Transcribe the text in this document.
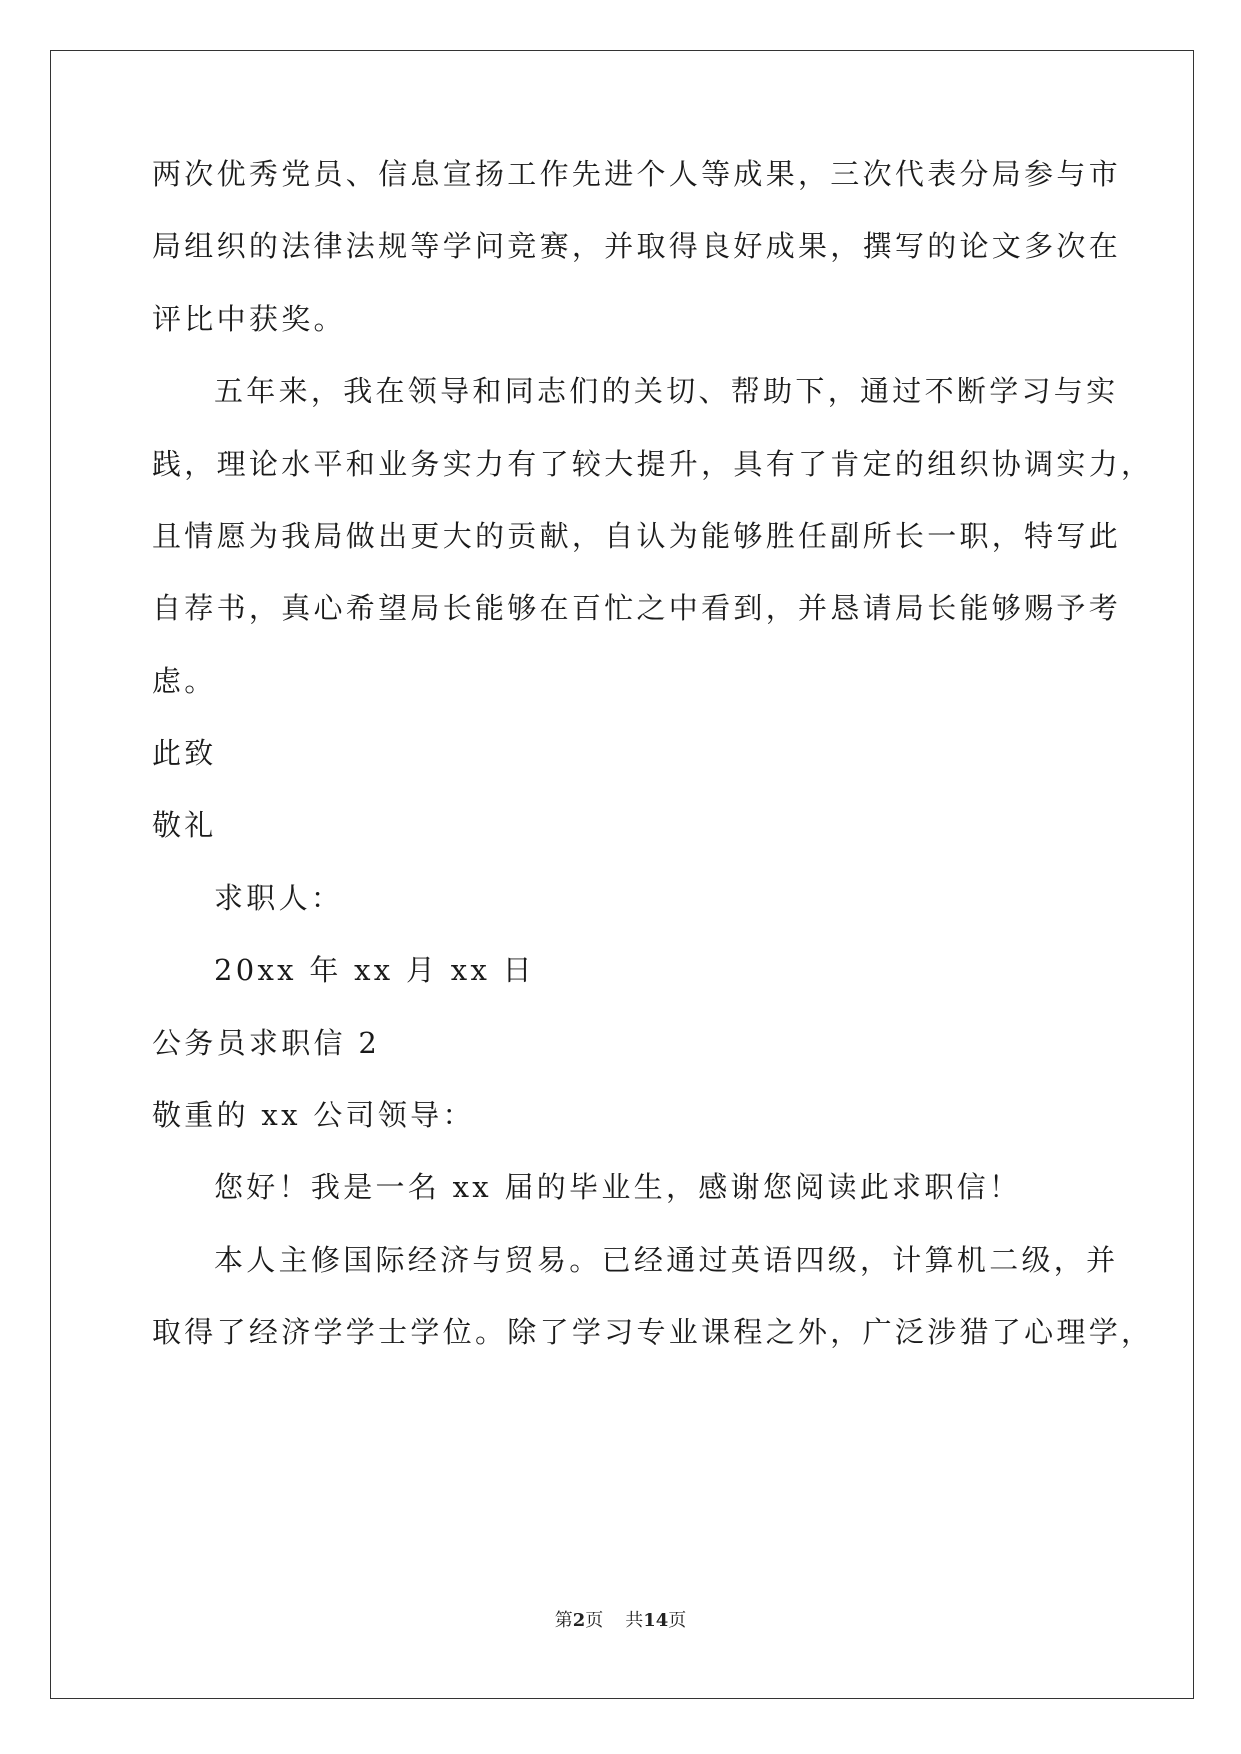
两次优秀党员、信息宣扬工作先进个人等成果，三次代表分局参与市
局组织的法律法规等学问竞赛，并取得良好成果，撰写的论文多次在
评比中获奖。
五年来，我在领导和同志们的关切、帮助下，通过不断学习与实
践，理论水平和业务实力有了较大提升，具有了肯定的组织协调实力，
且情愿为我局做出更大的贡献，自认为能够胜任副所长一职，特写此
自荐书，真心希望局长能够在百忙之中看到，并恳请局长能够赐予考
虑。
此致
敬礼
求职人：
20xx 年 xx 月 xx 日
公务员求职信 2
敬重的 xx 公司领导：
您好！我是一名 xx 届的毕业生，感谢您阅读此求职信！
本人主修国际经济与贸易。已经通过英语四级，计算机二级，并
取得了经济学学士学位。除了学习专业课程之外，广泛涉猎了心理学，
第2页 共14页
